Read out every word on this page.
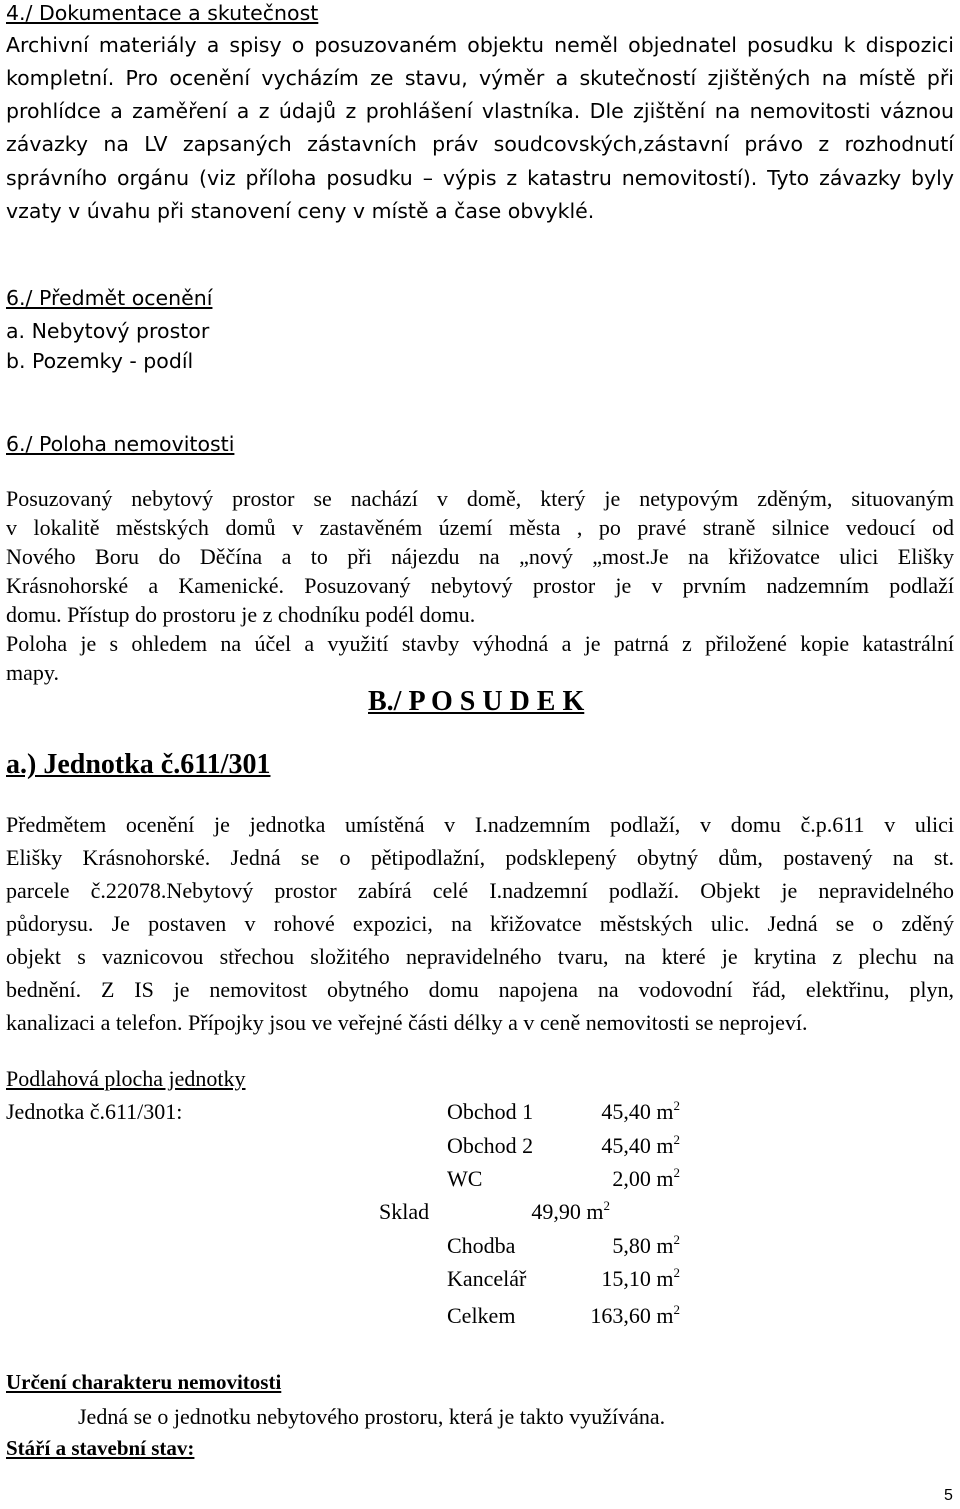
4./ Dokumentace a skutečnost
Archivní materiály a spisy o posuzovaném objektu neměl objednatel posudku k dispozici
kompletní. Pro ocenění vycházím ze stavu, výměr a skutečností zjištěných na místě při
prohlídce a zaměření a z údajů z prohlášení vlastníka. Dle zjištění na nemovitosti váznou
závazky na LV zapsaných zástavních práv soudcovských,zástavní právo z rozhodnutí
správního orgánu (viz příloha posudku – výpis z katastru nemovitostí). Tyto závazky byly
vzaty v úvahu při stanovení ceny v místě a čase obvyklé.
6./ Předmět ocenění
a. Nebytový prostor
b. Pozemky - podíl
6./ Poloha nemovitosti
Posuzovaný nebytový prostor se nachází v domě, který je netypovým zděným, situovaným
v lokalitě městských domů v zastavěném území města , po pravé straně silnice vedoucí od
Nového Boru do Děčína a to při nájezdu na „nový „most.Je na křižovatce ulici Elišky
Krásnohorské a Kamenické. Posuzovaný nebytový prostor je v prvním nadzemním podlaží
domu. Přístup do prostoru je z chodníku podél domu.
Poloha je s ohledem na účel a využití stavby výhodná a je patrná z přiložené kopie katastrální
mapy.
B./ P O S U D E K
a.) Jednotka č.611/301
Předmětem ocenění je jednotka umístěná v I.nadzemním podlaží, v domu č.p.611 v ulici
Elišky Krásnohorské. Jedná se o pětipodlažní, podsklepený obytný dům, postavený na st.
parcele č.22078.Nebytový prostor zabírá celé I.nadzemní podlaží. Objekt je nepravidelného
půdorysu. Je postaven v rohové expozici, na křižovatce městských ulic. Jedná se o zděný
objekt s vaznicovou střechou složitého nepravidelného tvaru, na které je krytina z plechu na
bednění. Z IS je nemovitost obytného domu napojena na vodovodní řád, elektřinu, plyn,
kanalizaci a telefon. Přípojky jsou ve veřejné části délky a v ceně nemovitosti se neprojeví.
Podlahová plocha jednotky
Jednotka č.611/301:	Obchod 1	45,40 $m^2$
Obchod 2	45,40 $m^2$
WC	2,00 $m^2$
Sklad	49,90 $m^2$
Chodba	5,80 $m^2$
Kancelář	15,10 $m^2$
Celkem	163,60 $m^2$
Určení charakteru nemovitosti
Jedná se o jednotku nebytového prostoru, která je takto využívána.
Stáří a stavební stav:
5
